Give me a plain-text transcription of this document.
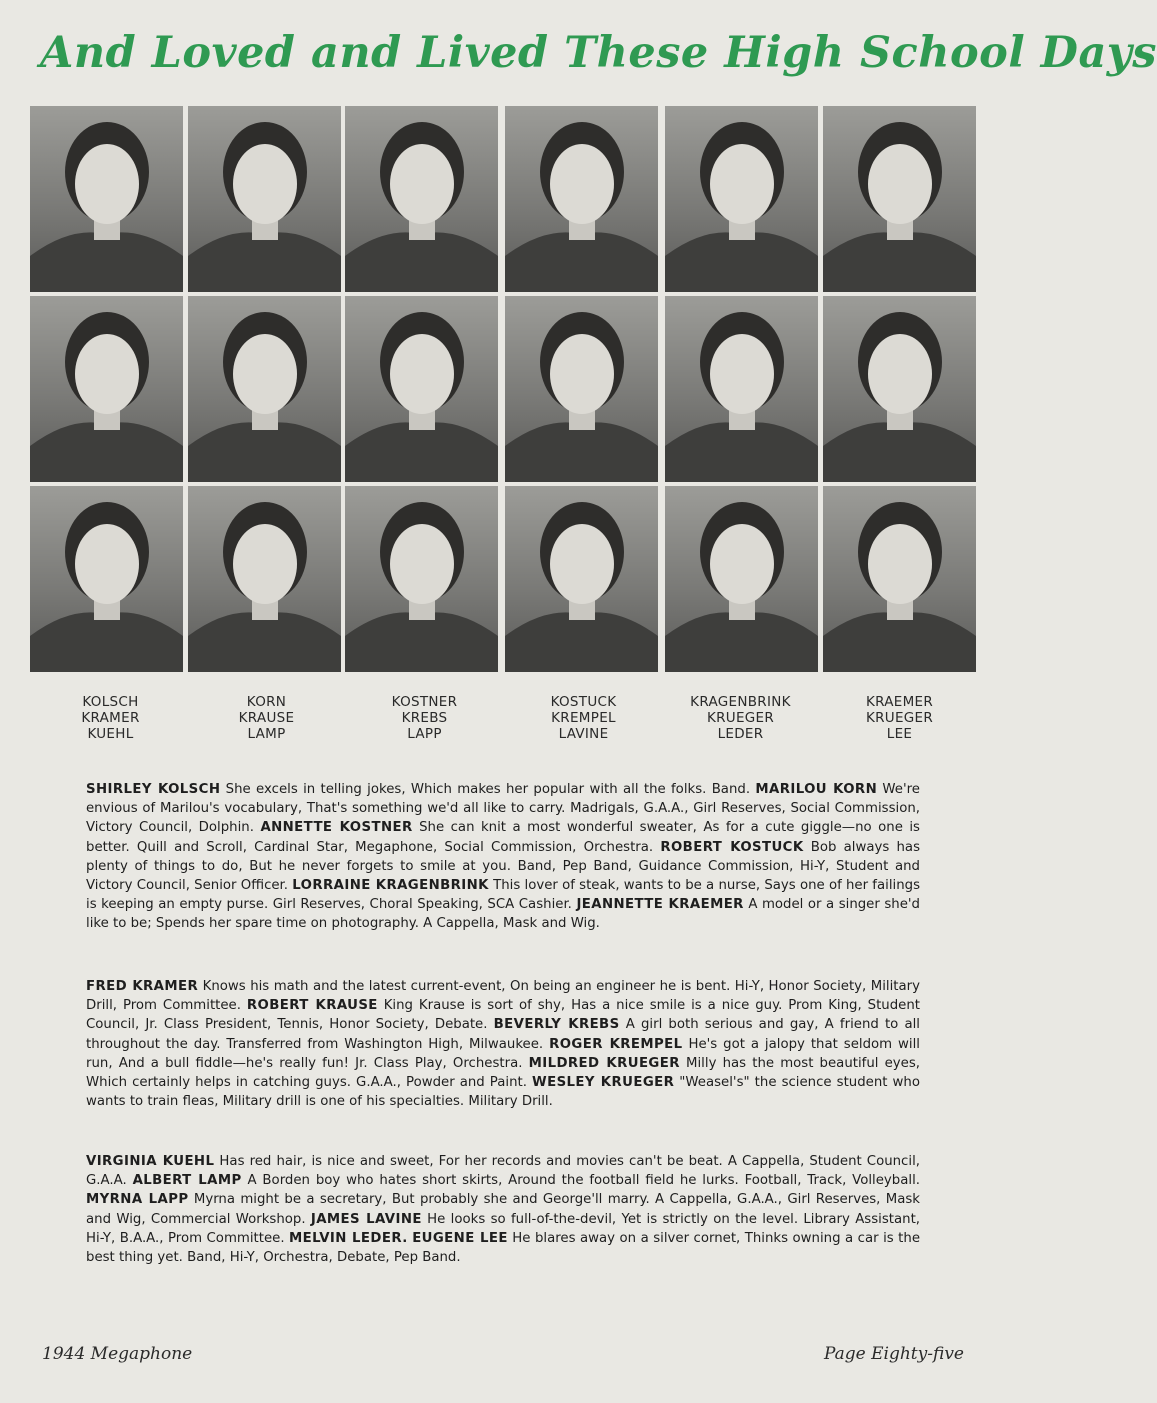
And Loved and Lived These High School Days
KOLSCH
KRAMER
KUEHL
KORN
KRAUSE
LAMP
KOSTNER
KREBS
LAPP
KOSTUCK
KREMPEL
LAVINE
KRAGENBRINK
KRUEGER
LEDER
KRAEMER
KRUEGER
LEE
SHIRLEY KOLSCH She excels in telling jokes, Which makes her popular with all the folks. Band. MARILOU KORN We're envious of Marilou's vocabulary, That's something we'd all like to carry. Madrigals, G.A.A., Girl Reserves, Social Commission, Victory Council, Dolphin. ANNETTE KOSTNER She can knit a most wonderful sweater, As for a cute giggle—no one is better. Quill and Scroll, Cardinal Star, Megaphone, Social Commission, Orchestra. ROBERT KOSTUCK Bob always has plenty of things to do, But he never forgets to smile at you. Band, Pep Band, Guidance Commission, Hi-Y, Student and Victory Council, Senior Officer. LORRAINE KRAGENBRINK This lover of steak, wants to be a nurse, Says one of her failings is keeping an empty purse. Girl Reserves, Choral Speaking, SCA Cashier. JEANNETTE KRAEMER A model or a singer she'd like to be; Spends her spare time on photography. A Cappella, Mask and Wig.
FRED KRAMER Knows his math and the latest current-event, On being an engineer he is bent. Hi-Y, Honor Society, Military Drill, Prom Committee. ROBERT KRAUSE King Krause is sort of shy, Has a nice smile is a nice guy. Prom King, Student Council, Jr. Class President, Tennis, Honor Society, Debate. BEVERLY KREBS A girl both serious and gay, A friend to all throughout the day. Transferred from Washington High, Milwaukee. ROGER KREMPEL He's got a jalopy that seldom will run, And a bull fiddle—he's really fun! Jr. Class Play, Orchestra. MILDRED KRUEGER Milly has the most beautiful eyes, Which certainly helps in catching guys. G.A.A., Powder and Paint. WESLEY KRUEGER "Weasel's" the science student who wants to train fleas, Military drill is one of his specialties. Military Drill.
VIRGINIA KUEHL Has red hair, is nice and sweet, For her records and movies can't be beat. A Cappella, Student Council, G.A.A. ALBERT LAMP A Borden boy who hates short skirts, Around the football field he lurks. Football, Track, Volleyball. MYRNA LAPP Myrna might be a secretary, But probably she and George'll marry. A Cappella, G.A.A., Girl Reserves, Mask and Wig, Commercial Workshop. JAMES LAVINE He looks so full-of-the-devil, Yet is strictly on the level. Library Assistant, Hi-Y, B.A.A., Prom Committee. MELVIN LEDER. EUGENE LEE He blares away on a silver cornet, Thinks owning a car is the best thing yet. Band, Hi-Y, Orchestra, Debate, Pep Band.
1944 Megaphone	Page Eighty-five
